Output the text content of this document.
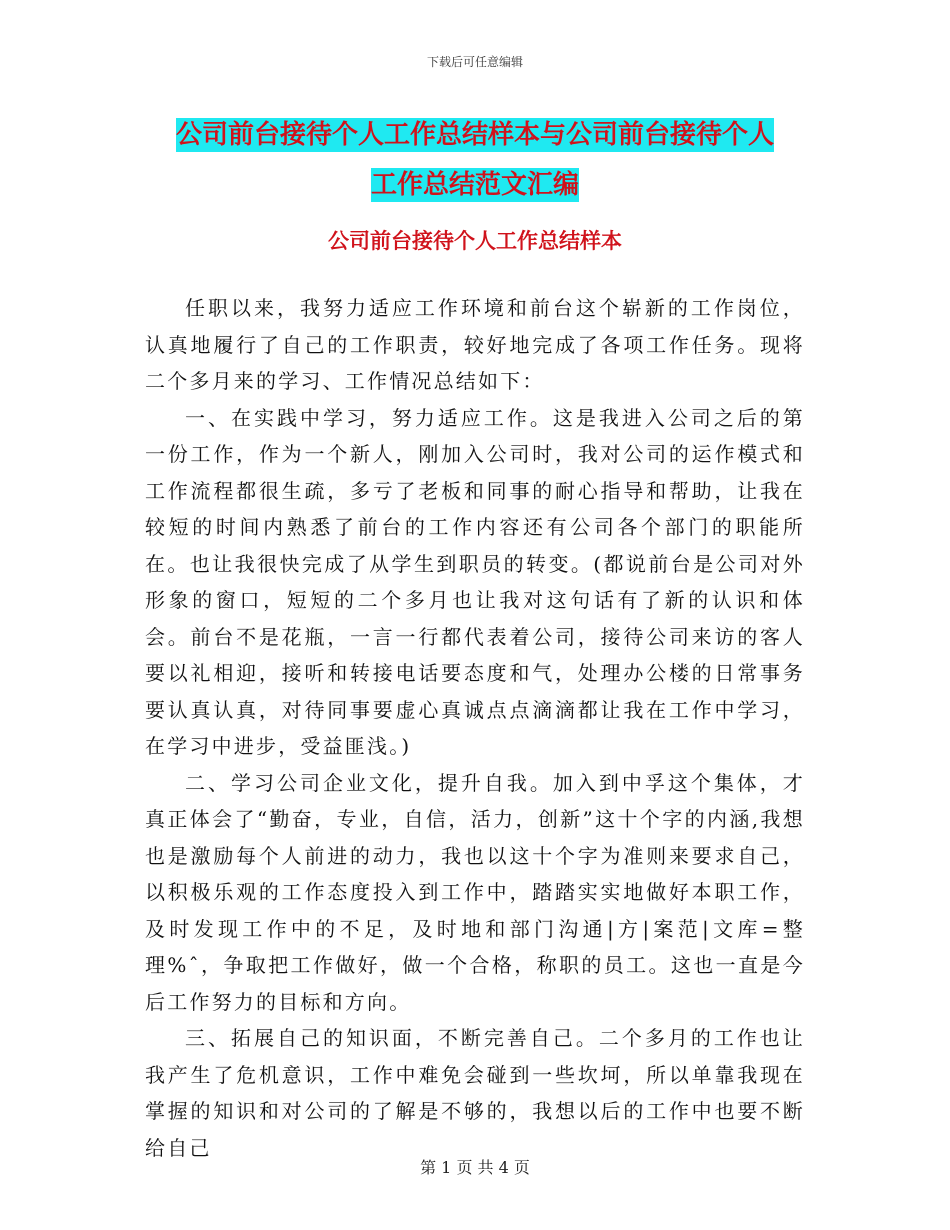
下载后可任意编辑
公司前台接待个人工作总结样本与公司前台接待个人
工作总结范文汇编
公司前台接待个人工作总结样本

任职以来，我努力适应工作环境和前台这个崭新的工作岗位，认真地履行了自己的工作职责，较好地完成了各项工作任务。现将二个多月来的学习、工作情况总结如下：

一、在实践中学习，努力适应工作。这是我进入公司之后的第一份工作，作为一个新人，刚加入公司时，我对公司的运作模式和工作流程都很生疏，多亏了老板和同事的耐心指导和帮助，让我在较短的时间内熟悉了前台的工作内容还有公司各个部门的职能所在。也让我很快完成了从学生到职员的转变。(都说前台是公司对外形象的窗口，短短的二个多月也让我对这句话有了新的认识和体会。前台不是花瓶，一言一行都代表着公司，接待公司来访的客人要以礼相迎，接听和转接电话要态度和气，处理办公楼的日常事务要认真认真，对待同事要虚心真诚点点滴滴都让我在工作中学习，在学习中进步，受益匪浅。)

二、学习公司企业文化，提升自我。加入到中孚这个集体，才真正体会了“勤奋，专业，自信，活力，创新”这十个字的内涵,我想也是激励每个人前进的动力，我也以这十个字为准则来要求自己，以积极乐观的工作态度投入到工作中，踏踏实实地做好本职工作，及时发现工作中的不足，及时地和部门沟通|方|案范|文库=整理%ˆ，争取把工作做好，做一个合格，称职的员工。这也一直是今后工作努力的目标和方向。

三、拓展自己的知识面，不断完善自己。二个多月的工作也让我产生了危机意识，工作中难免会碰到一些坎坷，所以单靠我现在掌握的知识和对公司的了解是不够的，我想以后的工作中也要不断给自己

第 1 页 共 4 页
